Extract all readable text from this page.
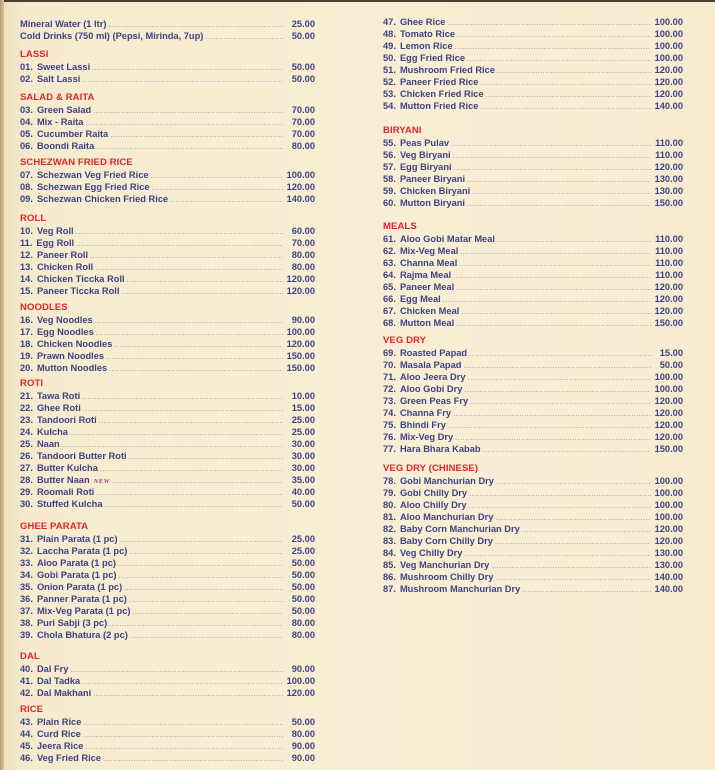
Mineral Water (1 ltr) .....	25.00
Cold Drinks (750 ml) (Pepsi, Mirinda, 7up) .....	50.00
LASSI
01. Sweet Lassi .....	50.00
02. Salt Lassi .....	50.00
SALAD & RAITA
03. Green Salad .....	70.00
04. Mix - Raita .....	70.00
05. Cucumber Raita .....	70.00
06. Boondi Raita .....	80.00
SCHEZWAN FRIED RICE
07. Schezwan Veg Fried Rice .....	100.00
08. Schezwan Egg Fried Rice .....	120.00
09. Schezwan Chicken Fried Rice .....	140.00
ROLL
10. Veg Roll .....	60.00
11. Egg Roll .....	70.00
12. Paneer Roll .....	80.00
13. Chicken Roll .....	80.00
14. Chicken Ticcka Roll .....	120.00
15. Paneer Ticcka Roll .....	120.00
NOODLES
16. Veg Noodles .....	90.00
17. Egg Noodles .....	100.00
18. Chicken Noodles .....	120.00
19. Prawn Noodles .....	150.00
20. Mutton Noodles .....	150.00
ROTI
21. Tawa Roti .....	10.00
22. Ghee Roti .....	15.00
23. Tandoori Roti .....	25.00
24. Kulcha .....	25.00
25. Naan .....	30.00
26. Tandoori Butter Roti .....	30.00
27. Butter Kulcha .....	30.00
28. Butter Naan NEW .....	35.00
29. Roomali Roti .....	40.00
30. Stuffed Kulcha .....	50.00
GHEE PARATA
31. Plain Parata (1 pc) .....	25.00
32. Laccha Parata (1 pc) .....	25.00
33. Aloo Parata (1 pc) .....	50.00
34. Gobi Parata (1 pc) .....	50.00
35. Onion Parata (1 pc) .....	50.00
36. Panner Parata (1 pc) .....	50.00
37. Mix-Veg Parata (1 pc) .....	50.00
38. Puri Sabji (3 pc) .....	80.00
39. Chola Bhatura (2 pc) .....	80.00
DAL
40. Dal Fry .....	90.00
41. Dal Tadka .....	100.00
42. Dal Makhani .....	120.00
RICE
43. Plain Rice .....	50.00
44. Curd Rice .....	80.00
45. Jeera Rice .....	90.00
46. Veg Fried Rice .....	90.00
47. Ghee Rice .....	100.00
48. Tomato Rice .....	100.00
49. Lemon Rice .....	100.00
50. Egg Fried Rice .....	100.00
51. Mushroom Fried Rice .....	120.00
52. Paneer Fried Rice .....	120.00
53. Chicken Fried Rice .....	120.00
54. Mutton Fried Rice .....	140.00
BIRYANI
55. Peas Pulav .....	110.00
56. Veg Biryani .....	110.00
57. Egg Biryani .....	120.00
58. Paneer Biryani .....	130.00
59. Chicken Biryani .....	130.00
60. Mutton Biryani .....	150.00
MEALS
61. Aloo Gobi Matar Meal .....	110.00
62. Mix-Veg Meal .....	110.00
63. Channa Meal .....	110.00
64. Rajma Meal .....	110.00
65. Paneer Meal .....	120.00
66. Egg Meal .....	120.00
67. Chicken Meal .....	120.00
68. Mutton Meal .....	150.00
VEG DRY
69. Roasted Papad .....	15.00
70. Masala Papad .....	50.00
71. Aloo Jeera Dry .....	100.00
72. Aloo Gobi Dry .....	100.00
73. Green Peas Fry .....	120.00
74. Channa Fry .....	120.00
75. Bhindi Fry .....	120.00
76. Mix-Veg Dry .....	120.00
77. Hara Bhara Kabab .....	150.00
VEG DRY (CHINESE)
78. Gobi Manchurian Dry .....	100.00
79. Gobi Chilly Dry .....	100.00
80. Aloo Chilly Dry .....	100.00
81. Aloo Manchurian Dry .....	100.00
82. Baby Corn Manchurian Dry .....	120.00
83. Baby Corn Chilly Dry .....	120.00
84. Veg Chilly Dry .....	130.00
85. Veg Manchurian Dry .....	130.00
86. Mushroom Chilly Dry .....	140.00
87. Mushroom Manchurian Dry .....	140.00
